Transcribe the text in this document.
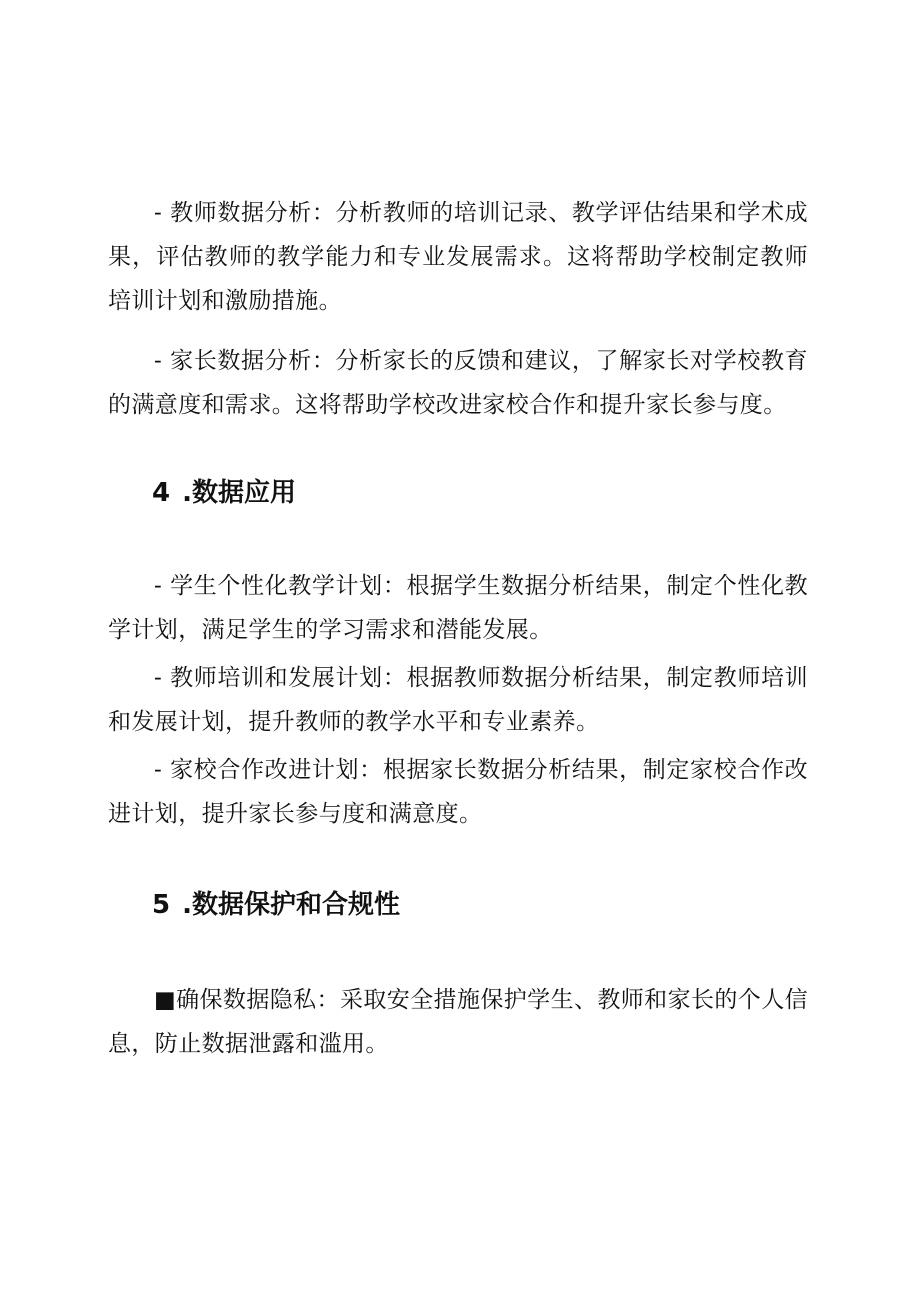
- 教师数据分析：分析教师的培训记录、教学评估结果和学术成果，评估教师的教学能力和专业发展需求。这将帮助学校制定教师培训计划和激励措施。

- 家长数据分析：分析家长的反馈和建议，了解家长对学校教育的满意度和需求。这将帮助学校改进家校合作和提升家长参与度。

4 .数据应用

- 学生个性化教学计划：根据学生数据分析结果，制定个性化教学计划，满足学生的学习需求和潜能发展。

- 教师培训和发展计划：根据教师数据分析结果，制定教师培训和发展计划，提升教师的教学水平和专业素养。

- 家校合作改进计划：根据家长数据分析结果，制定家校合作改进计划，提升家长参与度和满意度。

5 .数据保护和合规性

■确保数据隐私：采取安全措施保护学生、教师和家长的个人信息，防止数据泄露和滥用。
